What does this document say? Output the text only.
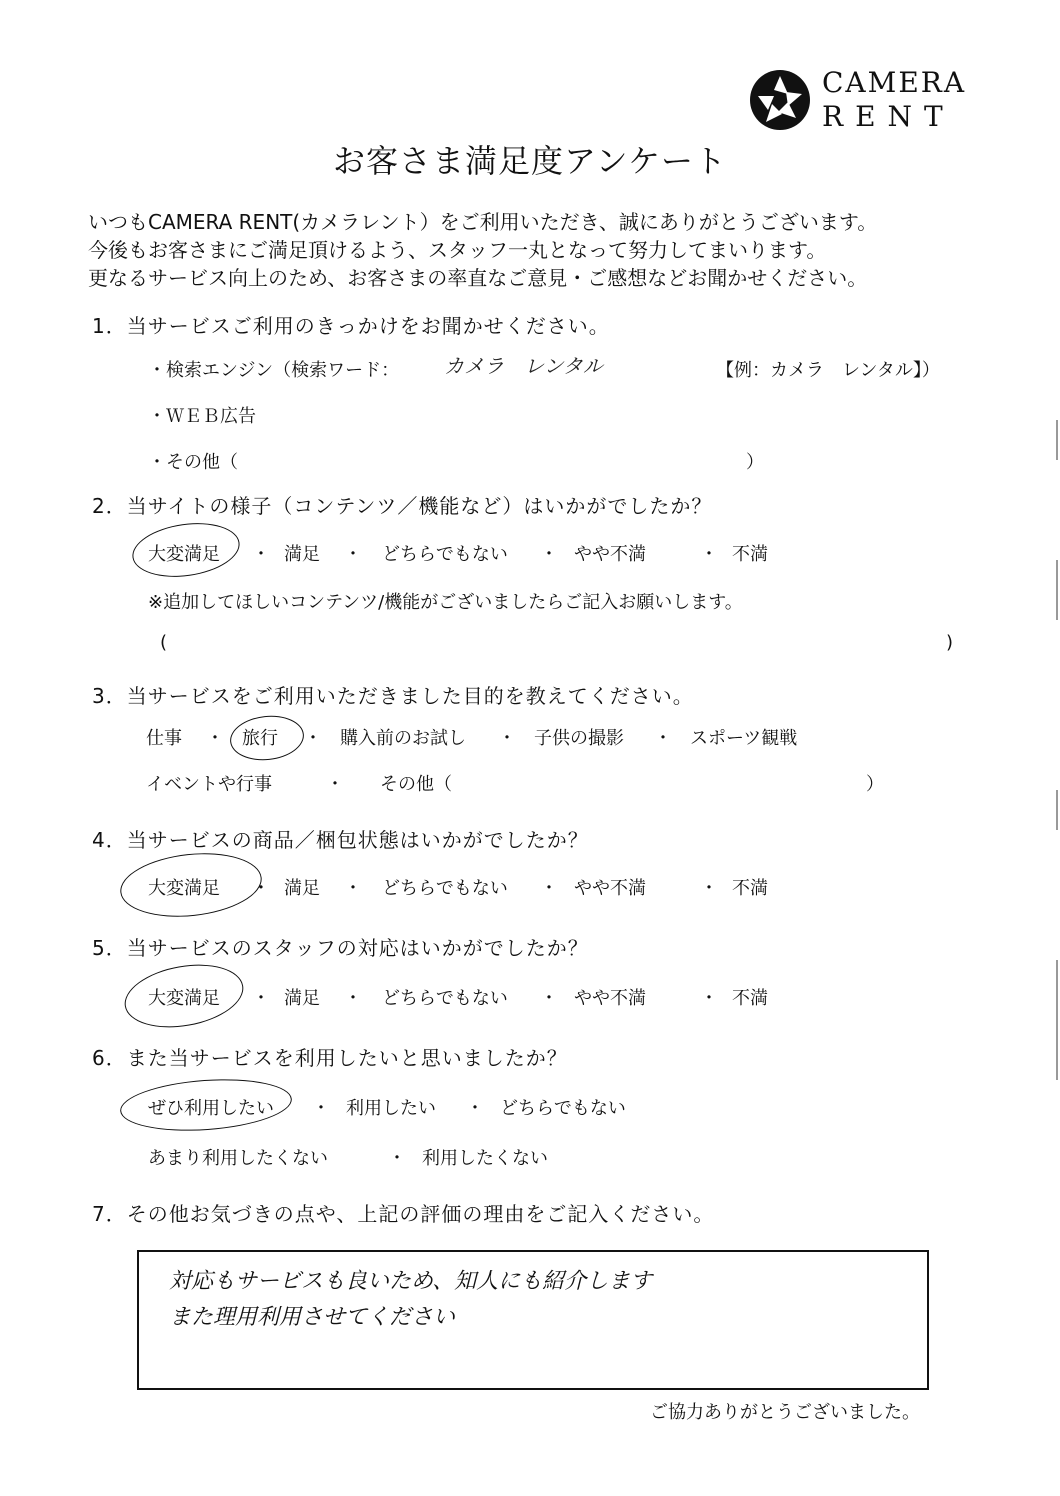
CAMERA
RENT
お客さま満足度アンケート
いつもCAMERA RENT(カメラレント）をご利用いただき、誠にありがとうございます。
今後もお客さまにご満足頂けるよう、スタッフ一丸となって努力してまいります。
更なるサービス向上のため、お客さまの率直なご意見・ご感想などお聞かせください。
1．当サービスご利用のきっかけをお聞かせください。
・検索エンジン（検索ワード： カメラ　レンタル	【例：カメラ　レンタル】）
・ＷＥＢ広告
・その他（	）
2．当サイトの様子（コンテンツ／機能など）はいかがでしたか？
大変満足 ・ 満足 ・ どちらでもない ・ やや不満	・ 不満
※追加してほしいコンテンツ/機能がございましたらご記入お願いします。
(	)
3．当サービスをご利用いただきました目的を教えてください。
仕事 ・ 旅行 ・ 購入前のお試し ・ 子供の撮影 ・ スポーツ観戦
イベントや行事	・ その他（	）
4．当サービスの商品／梱包状態はいかがでしたか？
大変満足 ・ 満足 ・ どちらでもない ・ やや不満	・ 不満
5．当サービスのスタッフの対応はいかがでしたか？
大変満足 ・ 満足 ・ どちらでもない ・ やや不満	・ 不満
6．また当サービスを利用したいと思いましたか？
ぜひ利用したい ・ 利用したい ・ どちらでもない
あまり利用したくない	・ 利用したくない
7．その他お気づきの点や、上記の評価の理由をご記入ください。
対応もサービスも良いため、知人にも紹介します
また理用利用させてください
ご協力ありがとうございました。
